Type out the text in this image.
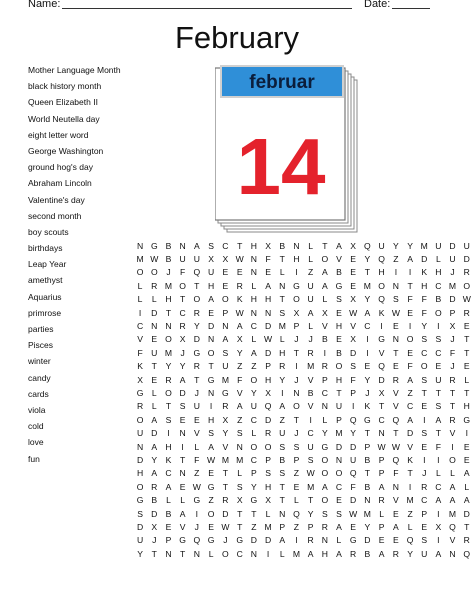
Name:	Date:
February
Mother Language Month
black history month
Queen Elizabeth II
World Neutella day
eight letter word
George Washington
ground hog's day
Abraham Lincoln
Valentine's day
second month
boy scouts
birthdays
Leap Year
amethyst
Aquarius
primrose
parties
Pisces
winter
candy
cards
viola
cold
love
fun
februar
14
N	G	B	N	A	S	C	T	H	X	B	N	L	T	A	X	Q	U	Y	Y	M	U	D	U
M	W	B	U	U	X	X	W	N	F	T	H	L	O	V	E	Y	Q	Z	A	D	L	U	D
O	O	J	F	Q	U	E	E	N	E	L	I	Z	A	B	E	T	H	I	I	K	H	J	R
L	R	M	O	T	H	E	R	L	A	N	G	U	A	G	E	M	O	N	T	H	C	M	O
L	L	H	T	O	A	O	K	H	H	T	O	U	L	S	X	Y	Q	S	F	F	B	D	W
I	D	T	C	R	E	P	W	N	N	S	X	A	X	E	W	A	K	W	E	F	O	P	R
C	N	N	R	Y	D	N	A	C	D	M	P	L	V	H	V	C	I	E	I	Y	I	X	E
V	E	O	X	D	N	A	X	L	W	L	J	J	B	E	X	I	G	N	O	S	S	J	T
F	U	M	J	G	O	S	Y	A	D	H	T	R	I	B	D	I	V	T	E	C	C	F	T
K	T	Y	Y	R	T	U	Z	Z	P	R	I	M	R	O	S	E	Q	E	F	O	E	J	E
X	E	R	A	T	G	M	F	O	H	Y	J	V	P	H	F	Y	D	R	A	S	U	R	L
G	L	O	D	J	N	G	V	Y	X	I	N	B	C	T	P	J	X	V	Z	T	T	T	T
R	L	T	S	U	I	R	A	U	Q	A	O	V	N	U	I	K	T	V	C	E	S	T	H
O	A	S	E	E	H	X	Z	C	D	Z	T	I	L	P	Q	G	C	Q	A	I	A	R	G
U	D	I	N	V	S	Y	S	L	R	U	J	C	Y	M	Y	T	N	T	D	S	T	V	I
N	A	H	I	L	A	V	N	O	O	S	S	U	G	D	D	P	W	W	V	E	F	I	E
D	Y	K	T	F	W	M	M	C	P	B	P	S	O	N	U	B	P	Q	K	I	I	O	E
H	A	C	N	Z	E	T	L	P	S	S	Z	W	O	O	Q	T	P	F	T	J	L	L	A
O	R	A	E	W	G	T	S	Y	H	T	E	M	A	C	F	B	A	N	I	R	C	A	L
G	B	L	L	G	Z	R	X	G	X	T	L	T	O	E	D	N	R	V	M	C	A	A	A
S	D	B	A	I	O	D	T	T	L	N	Q	Y	S	S	W	M	L	E	Z	P	I	M	D
D	X	E	V	J	E	W	T	Z	M	P	Z	P	R	A	E	Y	P	A	L	E	X	Q	T
U	J	P	G	Q	G	J	G	D	D	A	I	R	N	L	G	D	E	E	Q	S	I	V	R
Y	T	N	T	N	L	O	C	N	I	L	M	A	H	A	R	B	A	R	Y	U	A	N	Q
